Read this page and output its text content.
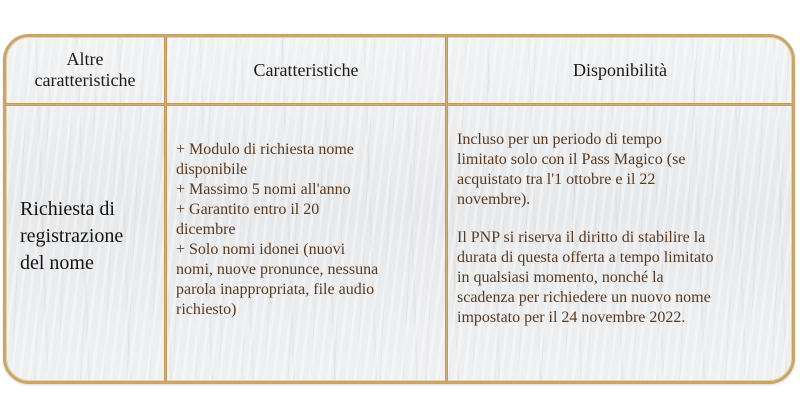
Altre
caratteristiche
Caratteristiche	Disponibilità
Richiesta di
registrazione
del nome
+ Modulo di richiesta nome
disponibile
+ Massimo 5 nomi all'anno
+ Garantito entro il 20
dicembre
+ Solo nomi idonei (nuovi
nomi, nuove pronunce, nessuna
parola inappropriata, file audio
richiesto)
Incluso per un periodo di tempo
limitato solo con il Pass Magico (se
acquistato tra l'1 ottobre e il 22
novembre).
Il PNP si riserva il diritto di stabilire la
durata di questa offerta a tempo limitato
in qualsiasi momento, nonché la
scadenza per richiedere un nuovo nome
impostato per il 24 novembre 2022.
